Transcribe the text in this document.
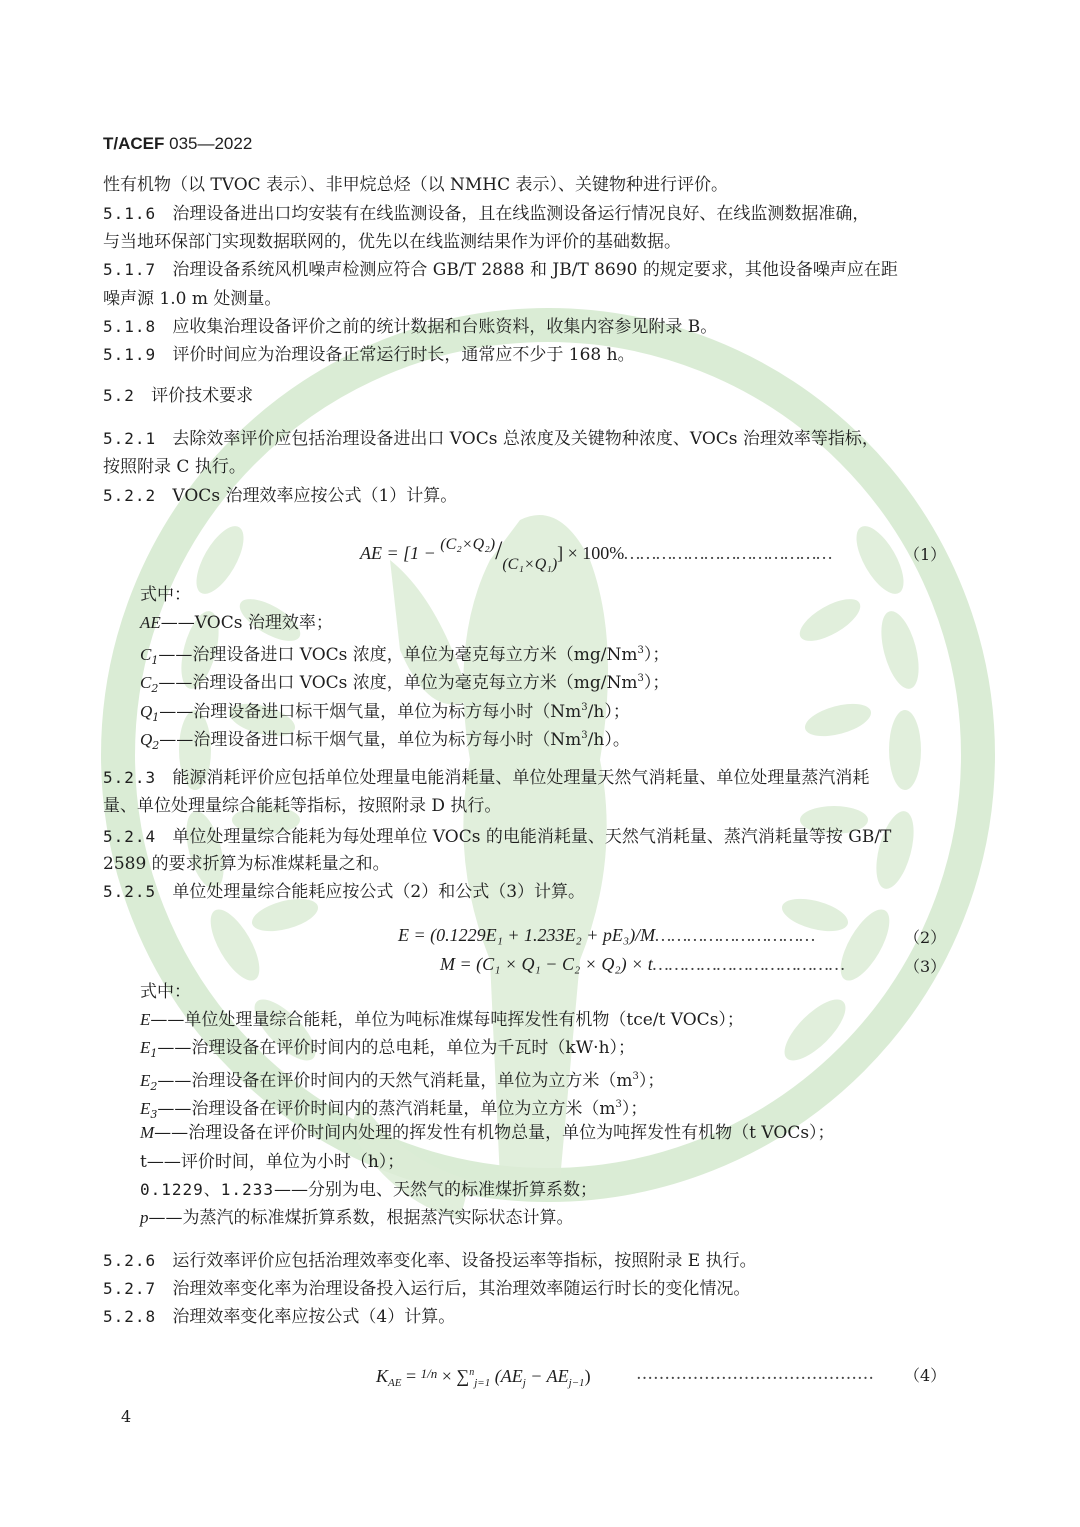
T/ACEF 035—2022
性有机物（以 TVOC 表示）、非甲烷总烃（以 NMHC 表示）、关键物种进行评价。
5.1.6 治理设备进出口均安装有在线监测设备，且在线监测设备运行情况良好、在线监测数据准确，
与当地环保部门实现数据联网的，优先以在线监测结果作为评价的基础数据。
5.1.7 治理设备系统风机噪声检测应符合 GB/T 2888 和 JB/T 8690 的规定要求，其他设备噪声应在距
噪声源 1.0 m 处测量。
5.1.8 应收集治理设备评价之前的统计数据和台账资料，收集内容参见附录 B。
5.1.9 评价时间应为治理设备正常运行时长，通常应不少于 168 h。
5.2 评价技术要求
5.2.1 去除效率评价应包括治理设备进出口 VOCs 总浓度及关键物种浓度、VOCs 治理效率等指标，
按照附录 C 执行。
5.2.2 VOCs 治理效率应按公式（1）计算。
AE = [1 − (C₂×Q₂)/(C₁×Q₁)] × 100%…………………………………	（1）
式中：
AE——VOCs 治理效率；
$C_1——$治理设备进口 VOCs 浓度，单位为毫克每立方米（mg/Nm$^3$）；
$C_2——$治理设备出口 VOCs 浓度，单位为毫克每立方米（mg/Nm$^3$）；
$Q_1——$治理设备进口标干烟气量，单位为标方每小时（Nm$^3$/h）；
$Q_2——$治理设备进口标干烟气量，单位为标方每小时（Nm$^3$/h）。
5.2.3 能源消耗评价应包括单位处理量电能消耗量、单位处理量天然气消耗量、单位处理量蒸汽消耗
量、单位处理量综合能耗等指标，按照附录 D 执行。
5.2.4 单位处理量综合能耗为每处理单位 VOCs 的电能消耗量、天然气消耗量、蒸汽消耗量等按 GB/T
2589 的要求折算为标准煤耗量之和。
5.2.5 单位处理量综合能耗应按公式（2）和公式（3）计算。
E = (0.1229E₁ + 1.233E₂ + pE₃)/M…………………………	（2）
M = (C₁ × Q₁ − C₂ × Q₂) × t………………………………	（3）
式中：
E——单位处理量综合能耗，单位为吨标准煤每吨挥发性有机物（tce/t VOCs）；
$E_1——$治理设备在评价时间内的总电耗，单位为千瓦时（kW·h）；
$E_2——$治理设备在评价时间内的天然气消耗量，单位为立方米$(m^3)$；
$E_3——$治理设备在评价时间内的蒸汽消耗量，单位为立方米$(m^3)$；
M——治理设备在评价时间内处理的挥发性有机物总量，单位为吨挥发性有机物（t VOCs）；
t——评价时间，单位为小时（h）；
0.1229、1.233——分别为电、天然气的标准煤折算系数；
p——为蒸汽的标准煤折算系数，根据蒸汽实际状态计算。
5.2.6 运行效率评价应包括治理效率变化率、设备投运率等指标，按照附录 E 执行。
5.2.7 治理效率变化率为治理设备投入运行后，其治理效率随运行时长的变化情况。
5.2.8 治理效率变化率应按公式（4）计算。
$K_{AE} = ^{1/n} \times \sum^n_{j=1}$ $(AE_j - AE_{j-1})$	…………………………………… （4）
4
